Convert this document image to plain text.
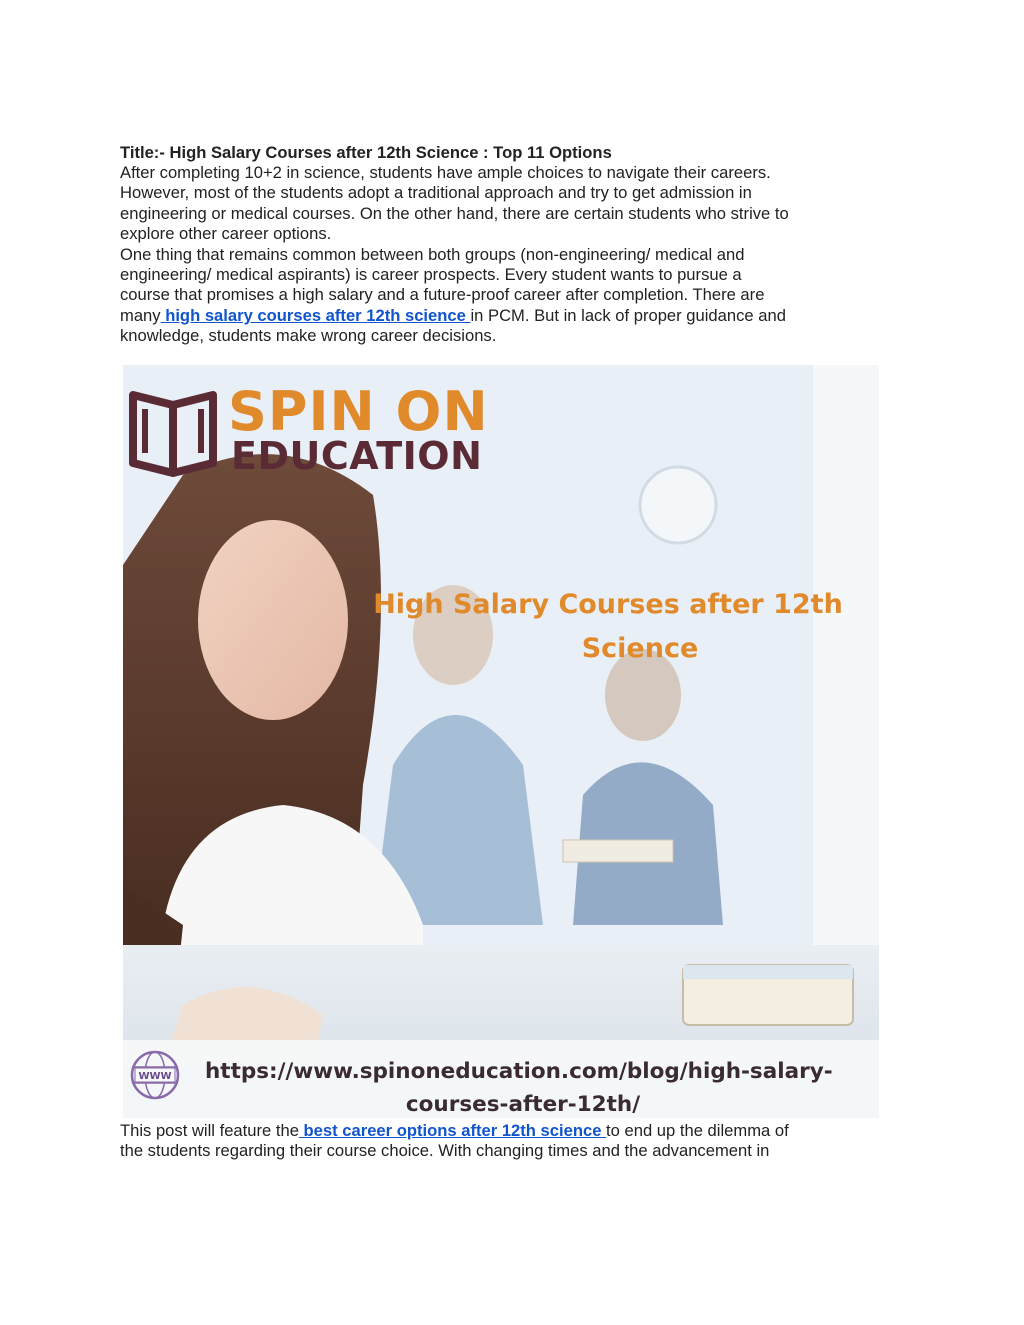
Title:- High Salary Courses after 12th Science : Top 11 Options

After completing 10+2 in science, students have ample choices to navigate their careers.
However, most of the students adopt a traditional approach and try to get admission in
engineering or medical courses. On the other hand, there are certain students who strive to
explore other career options.

One thing that remains common between both groups (non-engineering/ medical and
engineering/ medical aspirants) is career prospects. Every student wants to pursue a
course that promises a high salary and a future-proof career after completion. There are
many high salary courses after 12th science in PCM. But in lack of proper guidance and
knowledge, students make wrong career decisions.

SPIN ON
EDUCATION
High Salary Courses after 12th
Science
WWW https://www.spinoneducation.com/blog/high-salary-
courses-after-12th/

This post will feature the best career options after 12th science to end up the dilemma of
the students regarding their course choice. With changing times and the advancement in
